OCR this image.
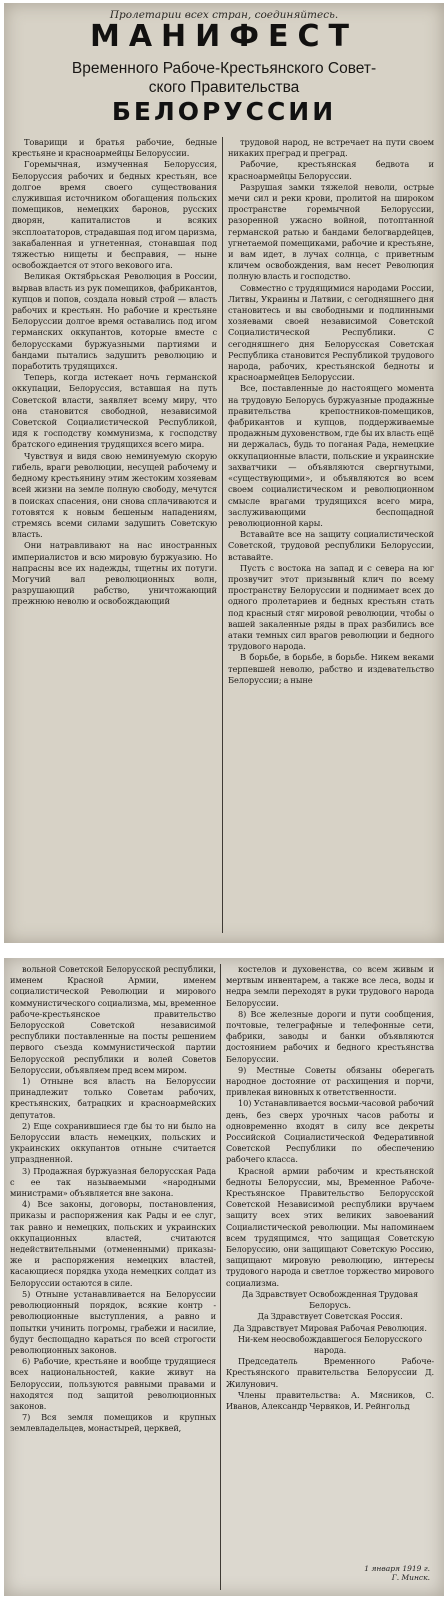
Пролетарии всех стран, соединяйтесь.
МАНИФЕСТ
Временного Рабоче-Крестьянского Совет-
ского Правительства
БЕЛОРУССИИ

Товарищи и братья рабочие, бедные крестьяне и красноармейцы Белоруссии.

Горемычная, измученная Белоруссия, Белоруссия рабочих и бедных крестьян, все долгое время своего существования служившая источником обогащения польских помещиков, немецких баронов, русских дворян, капиталистов и всяких эксплоататоров, страдавшая под игом царизма, закабаленная и угнетенная, стонавшая под тяжестью нищеты и бесправия, — ныне освобождается от этого векового ига.

Великая Октябрьская Революция в России, вырвав власть из рук помещиков, фабрикантов, купцов и попов, создала новый строй — власть рабочих и крестьян. Но рабочие и крестьяне Белоруссии долгое время оставались под игом германских оккупантов, которые вместе с белоруссками буржуазными партиями и бандами пытались задушить революцию и поработить трудящихся.

Теперь, когда истекает ночь германской оккупации, Белоруссия, вставшая на путь Советской власти, заявляет всему миру, что она становится свободной, независимой Советской Социалистической Республикой, идя к господству коммунизма, к господству братского единения трудящихся всего мира.

Чувствуя и видя свою неминуемую скорую гибель, враги революции, несущей рабочему и бедному крестьянину этим жестоким хозяевам всей жизни на земле полную свободу, мечутся в поисках спасения, они снова сплачиваются и готовятся к новым бешеным нападениям, стремясь всеми силами задушить Советскую власть.

Они натравливают на нас иностранных империалистов и всю мировую буржуазию. Но напрасны все их надежды, тщетны их потуги. Могучий вал революционных волн, разрушающий рабство, уничтожающий прежнюю неволю и освобождающий

трудовой народ, не встречает на пути своем никаких преград и преград.

Рабочие, крестьянская бедвота и красноармейцы Белоруссии.

Разрушая замки тяжелой неволи, острые мечи сил и реки крови, пролитой на широком пространстве горемычной Белоруссии, разоренной ужасно войной, потоптанной германской ратью и бандами белогвардейцев, угнетаемой помещиками, рабочие и крестьяне, и вам идет, в лучах солнца, с приветным кличем освобождения, вам несет Революция полную власть и господство.

Совместно с трудящимися народами России, Литвы, Украины и Латвии, с сегодняшнего дня становитесь и вы свободными и подлинными хозяевами своей независимой Советской Социалистической Республики. С сегодняшнего дня Белорусская Советская Республика становится Республикой трудового народа, рабочих, крестьянской бедноты и красноармейцев Белоруссии.

Все, поставленные до настоящего момента на трудовую Белорусь буржуазные продажные правительства крепостников-помещиков, фабрикантов и купцов, поддерживаемые продажным духовенством, где бы их власть ещё ни держалась, будь то поганая Рада, немецкие оккупационные власти, польские и украинские захватчики — объявляются свергнутыми, «существующими», и объявляются во всем своем социалистическом и революционном смысле врагами трудящихся всего мира, заслуживающими беспощадной революционной кары.

Вставайте все на защиту социалистической Советской, трудовой республики Белоруссии, вставайте.

Пусть с востока на запад и с севера на юг прозвучит этот призывный клич по всему пространству Белоруссии и поднимает всех до одного пролетариев и бедных крестьян стать под красный стяг мировой революции, чтобы о вашей закаленные ряды в прах разбились все атаки темных сил врагов революции и бедного трудового народа.

В борьбе, в борьбе, в борьбе. Никем веками терпевшей неволю, рабство и издевательство Белоруссии; а ныне

вольной Советской Белорусской республики, именем Красной Армии, именем социалистической Революции и мирового коммунистического социализма, мы, временное рабоче-крестьянское правительство Белорусской Советской независимой республики поставленные на посты решением первого съезда коммунистической партии Белорусской республики и волей Советов Белоруссии, объявляем пред всем миром.

1) Отныне вся власть на Белоруссии принадлежит только Советам рабочих, крестьянских, батрацких и красноармейских депутатов.

2) Еще сохранившиеся где бы то ни было на Белоруссии власть немецких, польских и украинских оккупантов отныне считается упраздненной.

3) Продажная буржуазная белорусская Рада с ее так называемыми «народными министрами» объявляется вне закона.

4) Все законы, договоры, постановления, приказы и распоряжения как Рады и ее слуг, так равно и немецких, польских и украинских оккупационных властей, считаются недействительными (отмененными) приказы-же и распоряжения немецких властей, касающиеся порядка ухода немецких солдат из Белоруссии остаются в силе.

5) Отныне устанавливается на Белоруссии революционный порядок, всякие контр - революционные выступления, а равно и попытки учинить погромы, грабежи и насилие, будут беспощадно караться по всей строгости революционных законов.

6) Рабочие, крестьяне и вообще трудящиеся всех национальностей, какие живут на Белоруссии, пользуются равными правами и находятся под защитой революционных законов.

7) Вся земля помещиков и крупных землевладельцев, монастырей, церквей,

костелов и духовенства, со всем живым и мертвым инвентарем, а также все леса, воды и недра земли переходят в руки трудового народа Белоруссии.

8) Все железные дороги и пути сообщения, почтовые, телеграфные и телефонные сети, фабрики, заводы и банки объявляются достоянием рабочих и бедного крестьянства Белоруссии.

9) Местные Советы обязаны оберегать народное достояние от расхищения и порчи, привлекая виновных к ответственности.

10) Устанавливается восьми-часовой рабочий день, без сверх урочных часов работы и одновременно входят в силу все декреты Российской Социалистической Федеративной Советской Республики по обеспечению рабочего класса.

Красной армии рабочим и крестьянской бедноты Белоруссии, мы, Временное Рабоче-Крестьянское Правительство Белорусской Советской Независимой республики вручаем защиту всех этих великих завоеваний Социалистической революции. Мы напоминаем всем трудящимся, что защищая Советскую Белоруссию, они защищают Советскую Россию, защищают мировую революцию, интересы трудового народа и светлое торжество мирового социализма.

Да Здравствует Освобожденная Трудовая Белорусь.

Да Здравствует Советская Россия.

Да Здравствует Мировая Рабочая Революция.

Ни-кем неосвобождавшегося Белорусского народа.

Председатель Временного Рабоче-Крестьянского правительства Белоруссии Д. Жилунович.

Члены правительства: А. Мясников, С. Иванов, Александр Червяков, И. Рейнгольд

1 января 1919 г.
Г. Минск.
